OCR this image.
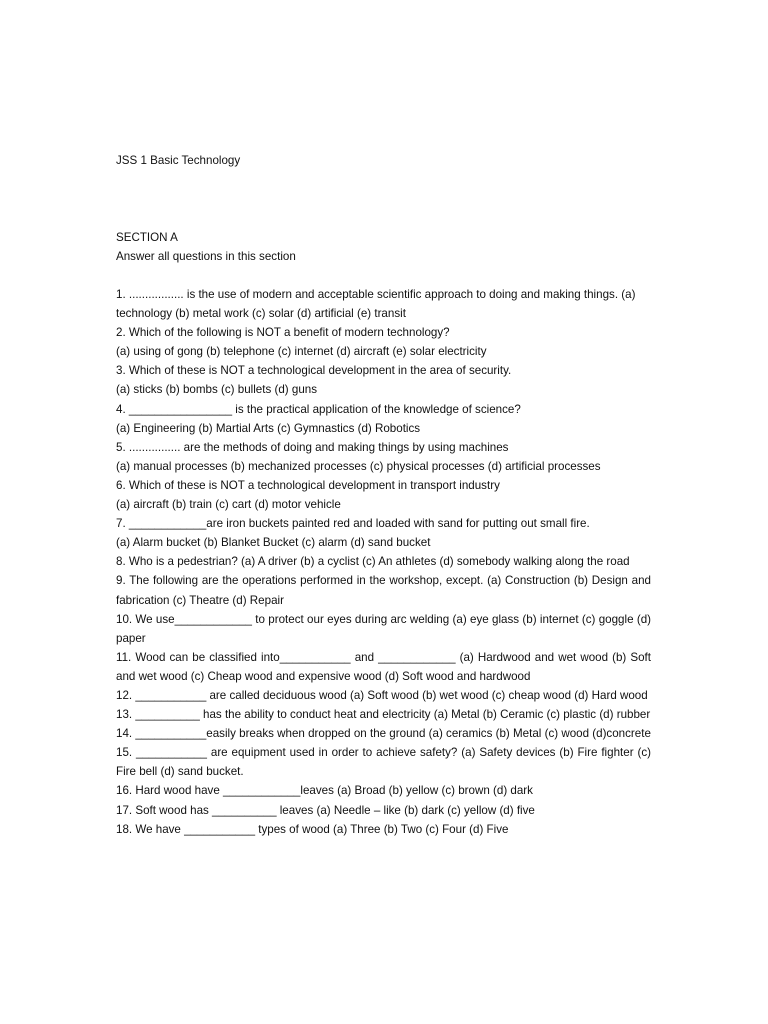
JSS 1 Basic Technology
SECTION A
Answer all questions in this section
1. ................. is the use of modern and acceptable scientific approach to doing and making things. (a) technology (b) metal work (c) solar (d) artificial (e) transit
2. Which of the following is NOT a benefit of modern technology?
(a) using of gong (b) telephone (c) internet (d) aircraft (e) solar electricity
3. Which of these is NOT a technological development in the area of security.
(a) sticks (b) bombs (c) bullets (d) guns
4. ________________ is the practical application of the knowledge of science?
(a) Engineering (b) Martial Arts (c) Gymnastics (d) Robotics
5. ................ are the methods of doing and making things by using machines
(a) manual processes (b) mechanized processes (c) physical processes (d) artificial processes
6. Which of these is NOT a technological development in transport industry
(a) aircraft (b) train (c) cart (d) motor vehicle
7. ____________are iron buckets painted red and loaded with sand for putting out small fire.
(a) Alarm bucket (b) Blanket Bucket (c) alarm (d) sand bucket
8. Who is a pedestrian? (a) A driver (b) a cyclist (c) An athletes (d) somebody walking along the road
9. The following are the operations performed in the workshop, except. (a) Construction (b) Design and fabrication (c) Theatre (d) Repair
10. We use____________ to protect our eyes during arc welding (a) eye glass (b) internet (c) goggle (d) paper
11. Wood can be classified into___________ and ____________ (a) Hardwood and wet wood (b) Soft and wet wood (c) Cheap wood and expensive wood (d) Soft wood and hardwood
12. ___________ are called deciduous wood (a) Soft wood (b) wet wood (c) cheap wood (d) Hard wood
13. __________ has the ability to conduct heat and electricity (a) Metal (b) Ceramic (c) plastic (d) rubber
14. ___________easily breaks when dropped on the ground (a) ceramics (b) Metal (c) wood (d)concrete
15. ___________ are equipment used in order to achieve safety? (a) Safety devices (b) Fire fighter (c) Fire bell (d) sand bucket.
16. Hard wood have ____________leaves (a) Broad (b) yellow (c) brown (d) dark
17. Soft wood has __________ leaves (a) Needle – like (b) dark (c) yellow (d) five
18. We have ___________ types of wood (a) Three (b) Two (c) Four (d) Five
